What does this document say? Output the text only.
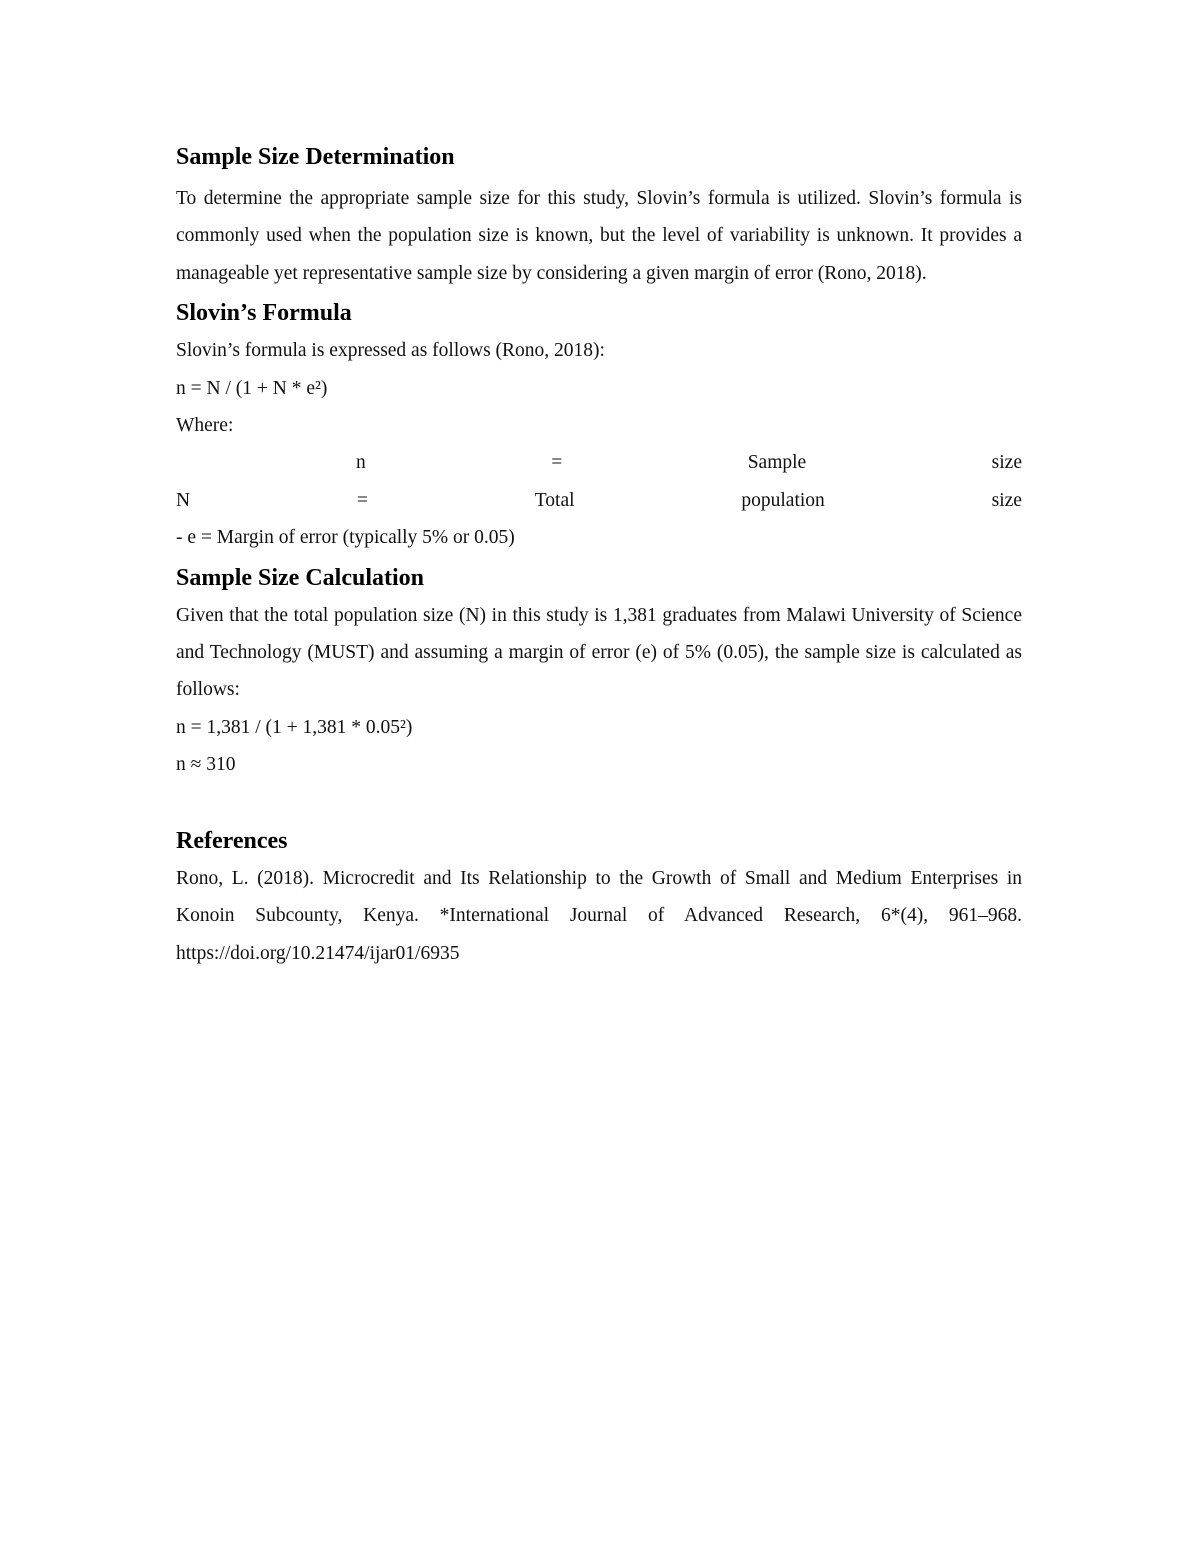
Sample Size Determination

To determine the appropriate sample size for this study, Slovin’s formula is utilized. Slovin’s formula is commonly used when the population size is known, but the level of variability is unknown. It provides a manageable yet representative sample size by considering a given margin of error (Rono, 2018).

Slovin’s Formula

Slovin’s formula is expressed as follows (Rono, 2018):

n = N / (1 + N * e²)

Where:

n	=	Sample	size
N	=	Total	population	size

- e = Margin of error (typically 5% or 0.05)

Sample Size Calculation

Given that the total population size (N) in this study is 1,381 graduates from Malawi University of Science and Technology (MUST) and assuming a margin of error (e) of 5% (0.05), the sample size is calculated as follows:

n = 1,381 / (1 + 1,381 * 0.05²)

n ≈ 310

References

Rono, L. (2018). Microcredit and Its Relationship to the Growth of Small and Medium Enterprises in Konoin Subcounty, Kenya. *International Journal of Advanced Research, 6*(4), 961–968. https://doi.org/10.21474/ijar01/6935
